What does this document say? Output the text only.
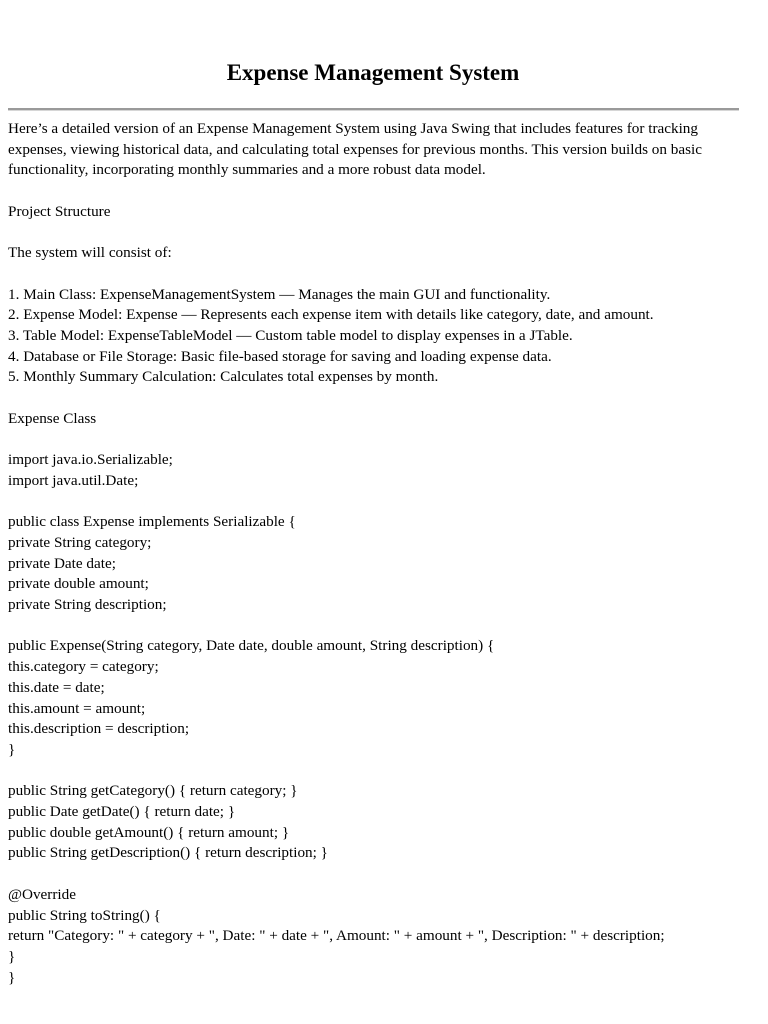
Expense Management System
Here’s a detailed version of an Expense Management System using Java Swing that includes features for tracking expenses, viewing historical data, and calculating total expenses for previous months. This version builds on basic functionality, incorporating monthly summaries and a more robust data model.
Project Structure
The system will consist of:
1. Main Class: ExpenseManagementSystem — Manages the main GUI and functionality.
2. Expense Model: Expense — Represents each expense item with details like category, date, and amount.
3. Table Model: ExpenseTableModel — Custom table model to display expenses in a JTable.
4. Database or File Storage: Basic file-based storage for saving and loading expense data.
5. Monthly Summary Calculation: Calculates total expenses by month.
Expense Class
import java.io.Serializable;
import java.util.Date;
public class Expense implements Serializable {
private String category;
private Date date;
private double amount;
private String description;
public Expense(String category, Date date, double amount, String description) {
this.category = category;
this.date = date;
this.amount = amount;
this.description = description;
}
public String getCategory() { return category; }
public Date getDate() { return date; }
public double getAmount() { return amount; }
public String getDescription() { return description; }
@Override
public String toString() {
return "Category: " + category + ", Date: " + date + ", Amount: " + amount + ", Description: " + description;
}
}
